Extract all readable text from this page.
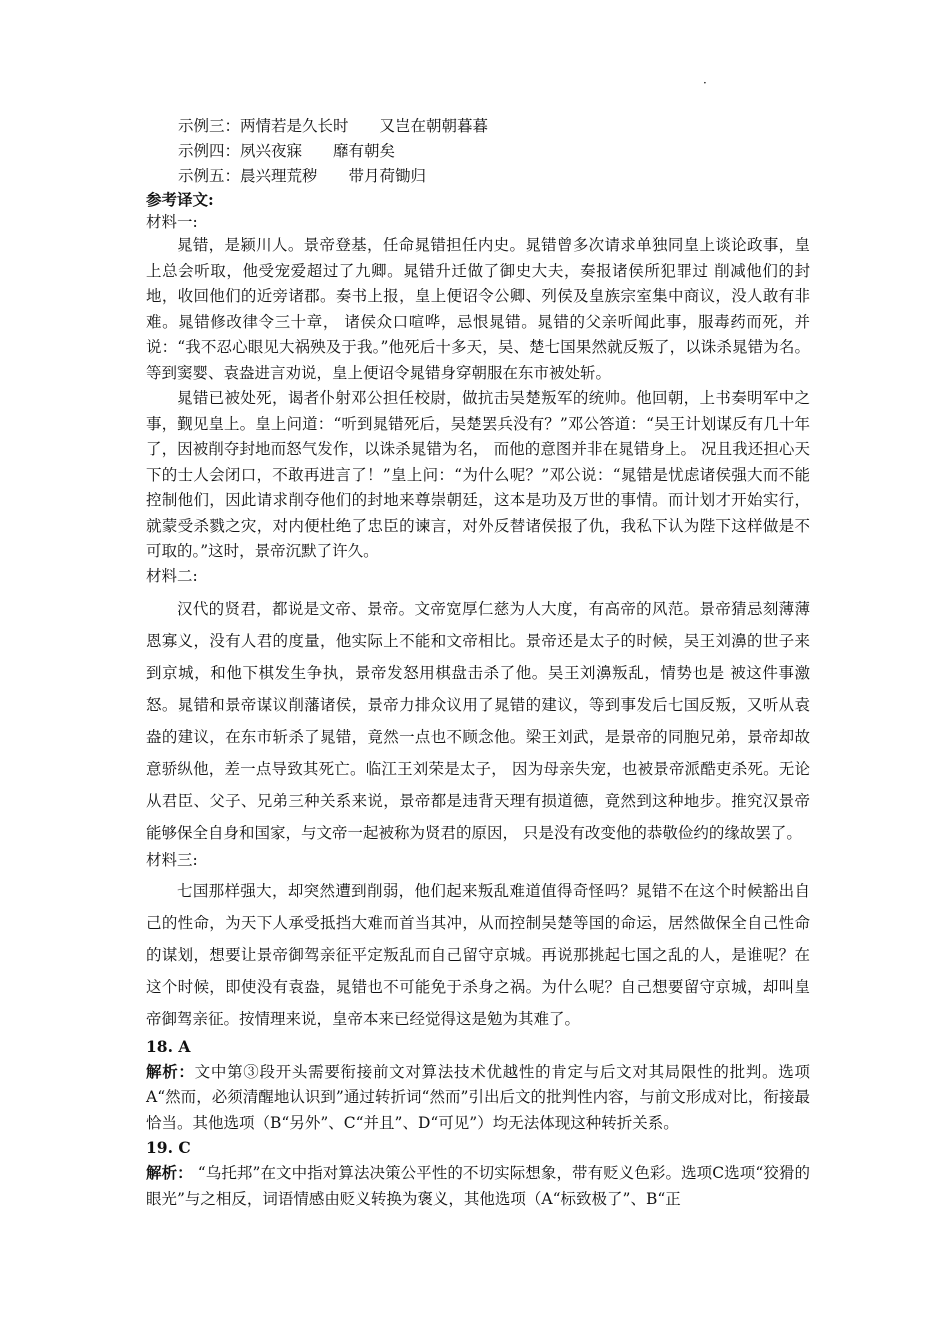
·
示例三：两情若是久长时　　又岂在朝朝暮暮
示例四：夙兴夜寐　　靡有朝矣
示例五：晨兴理荒秽　　带月荷锄归
参考译文:
材料一:

晁错，是颍川人。景帝登基，任命晁错担任内史。晁错曾多次请求单独同皇上谈论政事，皇上总会听取，他受宠爱超过了九卿。晁错升迁做了御史大夫，奏报诸侯所犯罪过 削减他们的封地，收回他们的近旁诸郡。奏书上报，皇上便诏令公卿、列侯及皇族宗室集中商议，没人敢有非难。晁错修改律令三十章， 诸侯众口喧哗，忌恨晁错。晁错的父亲听闻此事，服毒药而死，并说：“我不忍心眼见大祸殃及于我。”他死后十多天，吴、楚七国果然就反叛了，以诛杀晁错为名。等到窦婴、袁盎进言劝说，皇上便诏令晁错身穿朝服在东市被处斩。

晁错已被处死，谒者仆射邓公担任校尉，做抗击吴楚叛军的统帅。他回朝，上书奏明军中之事，觐见皇上。皇上问道：“听到晁错死后，吴楚罢兵没有？”邓公答道：“吴王计划谋反有几十年了，因被削夺封地而怒气发作，以诛杀晁错为名， 而他的意图并非在晁错身上。 况且我还担心天下的士人会闭口，不敢再进言了！”皇上问：“为什么呢？”邓公说：“晁错是忧虑诸侯强大而不能控制他们，因此请求削夺他们的封地来尊崇朝廷，这本是功及万世的事情。而计划才开始实行，就蒙受杀戮之灾，对内便杜绝了忠臣的谏言，对外反替诸侯报了仇，我私下认为陛下这样做是不可取的。”这时，景帝沉默了许久。

材料二:

汉代的贤君，都说是文帝、景帝。文帝宽厚仁慈为人大度，有高帝的风范。景帝猜忌刻薄薄恩寡义，没有人君的度量，他实际上不能和文帝相比。景帝还是太子的时候，吴王刘濞的世子来到京城，和他下棋发生争执，景帝发怒用棋盘击杀了他。吴王刘濞叛乱，情势也是 被这件事激怒。晁错和景帝谋议削藩诸侯，景帝力排众议用了晁错的建议，等到事发后七国反叛，又听从袁盎的建议，在东市斩杀了晁错，竟然一点也不顾念他。梁王刘武，是景帝的同胞兄弟，景帝却故意骄纵他，差一点导致其死亡。临江王刘荣是太子， 因为母亲失宠，也被景帝派酷吏杀死。无论从君臣、父子、兄弟三种关系来说，景帝都是违背天理有损道德，竟然到这种地步。推究汉景帝能够保全自身和国家，与文帝一起被称为贤君的原因， 只是没有改变他的恭敬俭约的缘故罢了。

材料三:

七国那样强大，却突然遭到削弱，他们起来叛乱难道值得奇怪吗？晁错不在这个时候豁出自己的性命，为天下人承受抵挡大难而首当其冲，从而控制吴楚等国的命运，居然做保全自己性命的谋划，想要让景帝御驾亲征平定叛乱而自己留守京城。再说那挑起七国之乱的人，是谁呢？在这个时候，即使没有袁盎，晁错也不可能免于杀身之祸。为什么呢？自己想要留守京城，却叫皇帝御驾亲征。按情理来说，皇帝本来已经觉得这是勉为其难了。

18. A

解析：文中第③段开头需要衔接前文对算法技术优越性的肯定与后文对其局限性的批判。选项A“然而，必须清醒地认识到”通过转折词“然而”引出后文的批判性内容，与前文形成对比，衔接最恰当。其他选项（B“另外”、C“并且”、D“可见”）均无法体现这种转折关系。

19. C

解析： “乌托邦”在文中指对算法决策公平性的不切实际想象，带有贬义色彩。选项C选项“狡猾的眼光”与之相反，词语情感由贬义转换为褒义，其他选项（A“标致极了”、B“正
